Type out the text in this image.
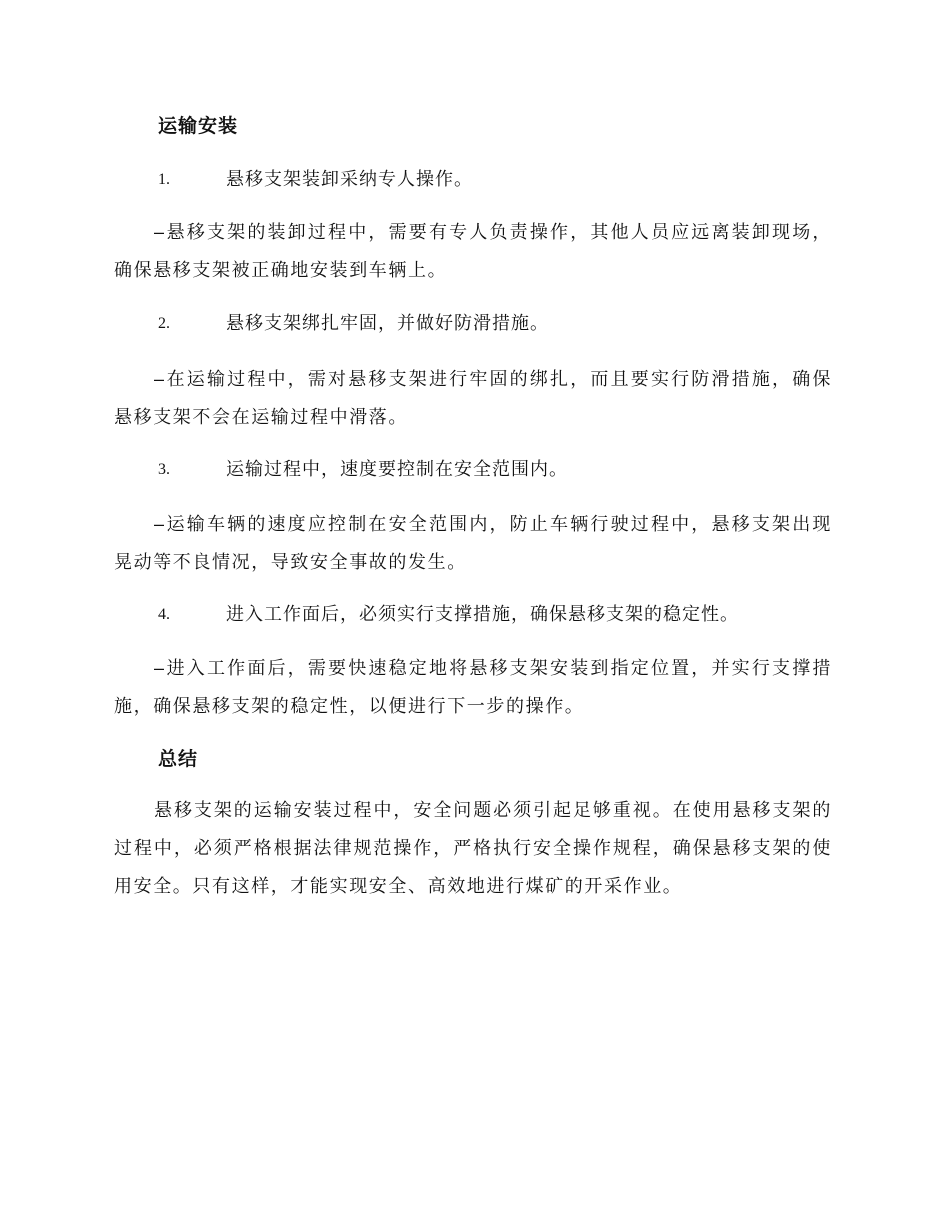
运输安装
1.	悬移支架装卸采纳专人操作。

– 悬移支架的装卸过程中，需要有专人负责操作，其他人员应远离装卸现场，确保悬移支架被正确地安装到车辆上。

2.	悬移支架绑扎牢固，并做好防滑措施。

– 在运输过程中，需对悬移支架进行牢固的绑扎，而且要实行防滑措施，确保悬移支架不会在运输过程中滑落。

3.	运输过程中，速度要控制在安全范围内。

– 运输车辆的速度应控制在安全范围内，防止车辆行驶过程中，悬移支架出现晃动等不良情况，导致安全事故的发生。

4.	进入工作面后，必须实行支撑措施，确保悬移支架的稳定性。

– 进入工作面后，需要快速稳定地将悬移支架安装到指定位置，并实行支撑措施，确保悬移支架的稳定性，以便进行下一步的操作。

总结

悬移支架的运输安装过程中，安全问题必须引起足够重视。在使用悬移支架的过程中，必须严格根据法律规范操作，严格执行安全操作规程，确保悬移支架的使用安全。只有这样，才能实现安全、高效地进行煤矿的开采作业。
